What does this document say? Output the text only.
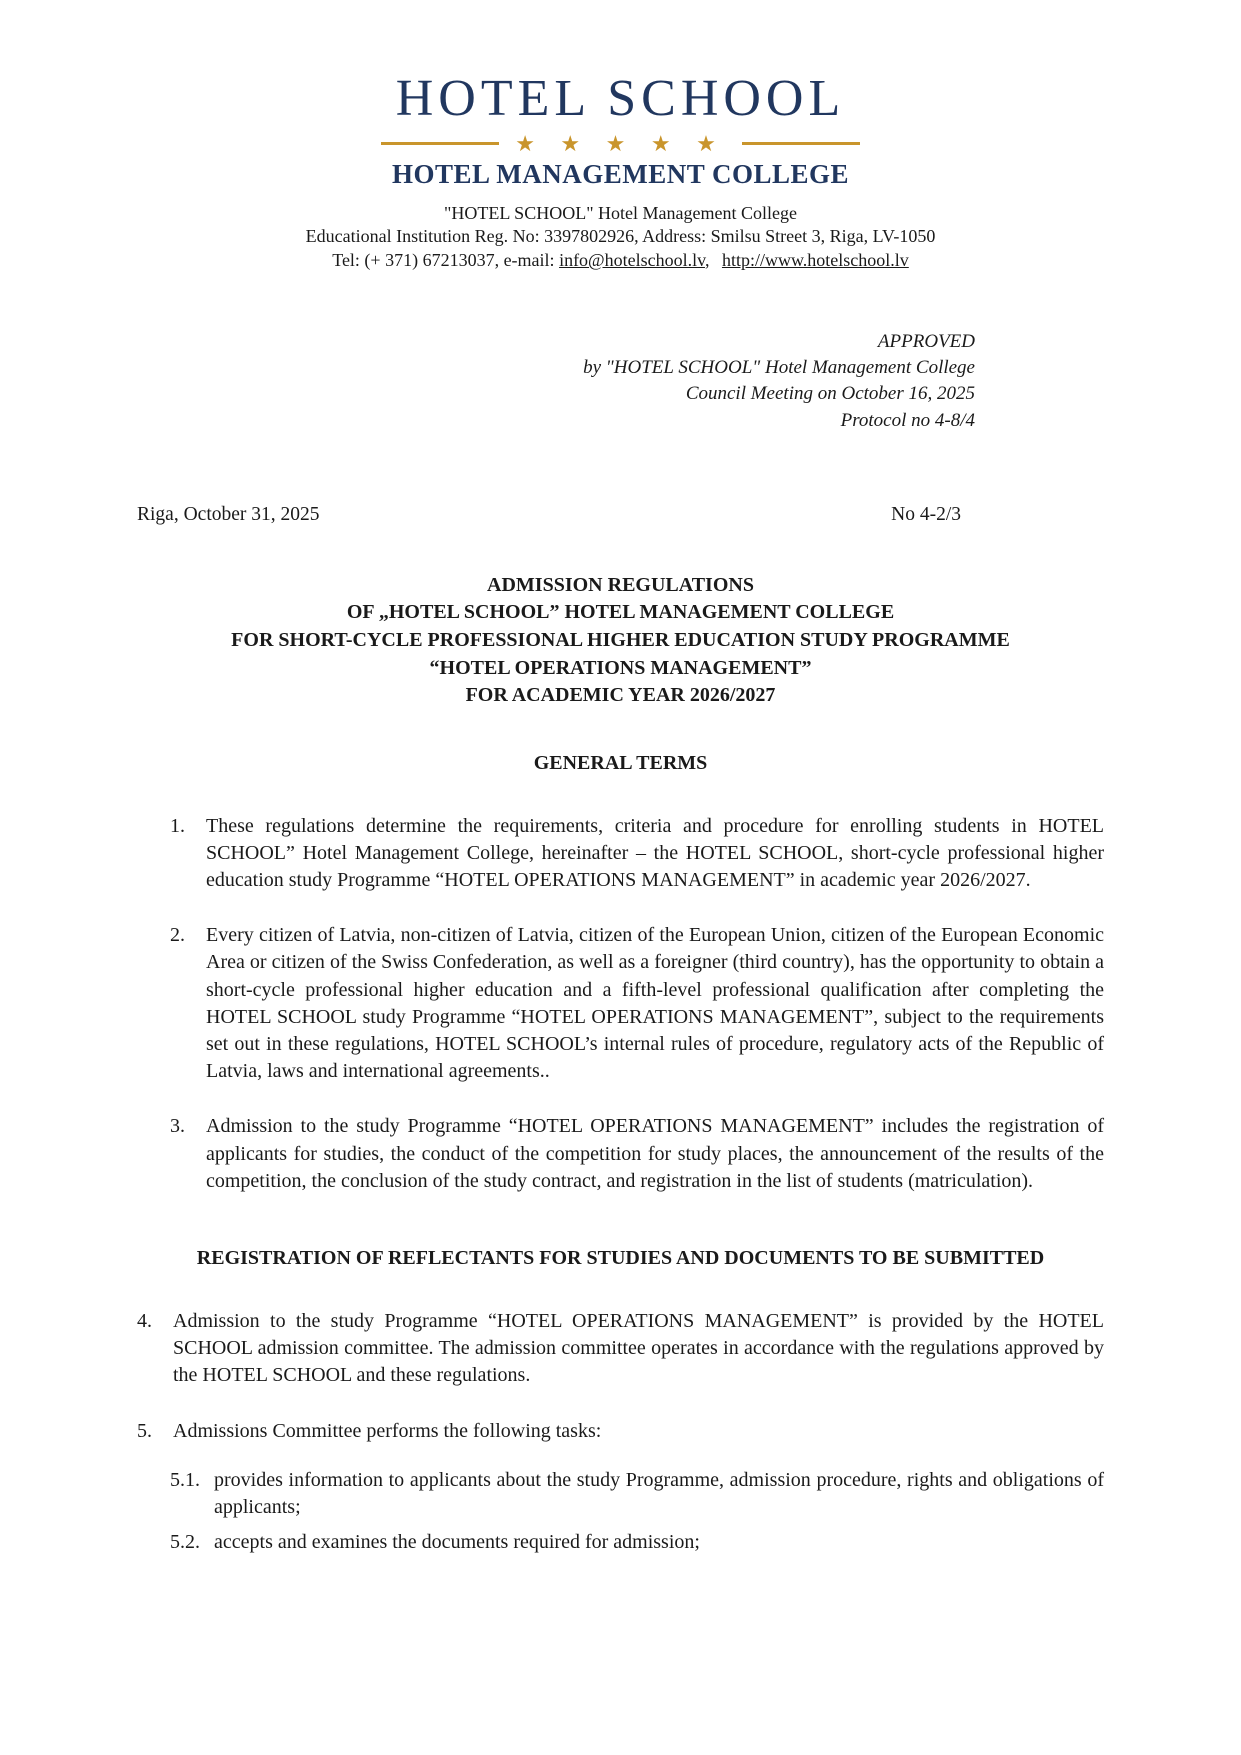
HOTEL SCHOOL
★ ★ ★ ★ ★
HOTEL MANAGEMENT COLLEGE
"HOTEL SCHOOL" Hotel Management College
Educational Institution Reg. No: 3397802926, Address: Smilsu Street 3, Riga, LV-1050
Tel: (+ 371) 67213037, e-mail: info@hotelschool.lv, http://www.hotelschool.lv
APPROVED
by "HOTEL SCHOOL" Hotel Management College
Council Meeting on October 16, 2025
Protocol no 4-8/4
Riga, October 31, 2025	No 4-2/3
ADMISSION REGULATIONS
OF „HOTEL SCHOOL” HOTEL MANAGEMENT COLLEGE
FOR SHORT-CYCLE PROFESSIONAL HIGHER EDUCATION STUDY PROGRAMME
“HOTEL OPERATIONS MANAGEMENT”
FOR ACADEMIC YEAR 2026/2027
GENERAL TERMS
1.	These regulations determine the requirements, criteria and procedure for enrolling students in HOTEL SCHOOL” Hotel Management College, hereinafter – the HOTEL SCHOOL, short-cycle professional higher education study Programme “HOTEL OPERATIONS MANAGEMENT” in academic year 2026/2027.
2.	Every citizen of Latvia, non-citizen of Latvia, citizen of the European Union, citizen of the European Economic Area or citizen of the Swiss Confederation, as well as a foreigner (third country), has the opportunity to obtain a short-cycle professional higher education and a fifth-level professional qualification after completing the HOTEL SCHOOL study Programme “HOTEL OPERATIONS MANAGEMENT”, subject to the requirements set out in these regulations, HOTEL SCHOOL’s internal rules of procedure, regulatory acts of the Republic of Latvia, laws and international agreements..
3.	Admission to the study Programme “HOTEL OPERATIONS MANAGEMENT” includes the registration of applicants for studies, the conduct of the competition for study places, the announcement of the results of the competition, the conclusion of the study contract, and registration in the list of students (matriculation).
REGISTRATION OF REFLECTANTS FOR STUDIES AND DOCUMENTS TO BE SUBMITTED
4.	Admission to the study Programme “HOTEL OPERATIONS MANAGEMENT” is provided by the HOTEL SCHOOL admission committee. The admission committee operates in accordance with the regulations approved by the HOTEL SCHOOL and these regulations.
5.	Admissions Committee performs the following tasks:
5.1. provides information to applicants about the study Programme, admission procedure, rights and obligations of applicants;
5.2. accepts and examines the documents required for admission;
